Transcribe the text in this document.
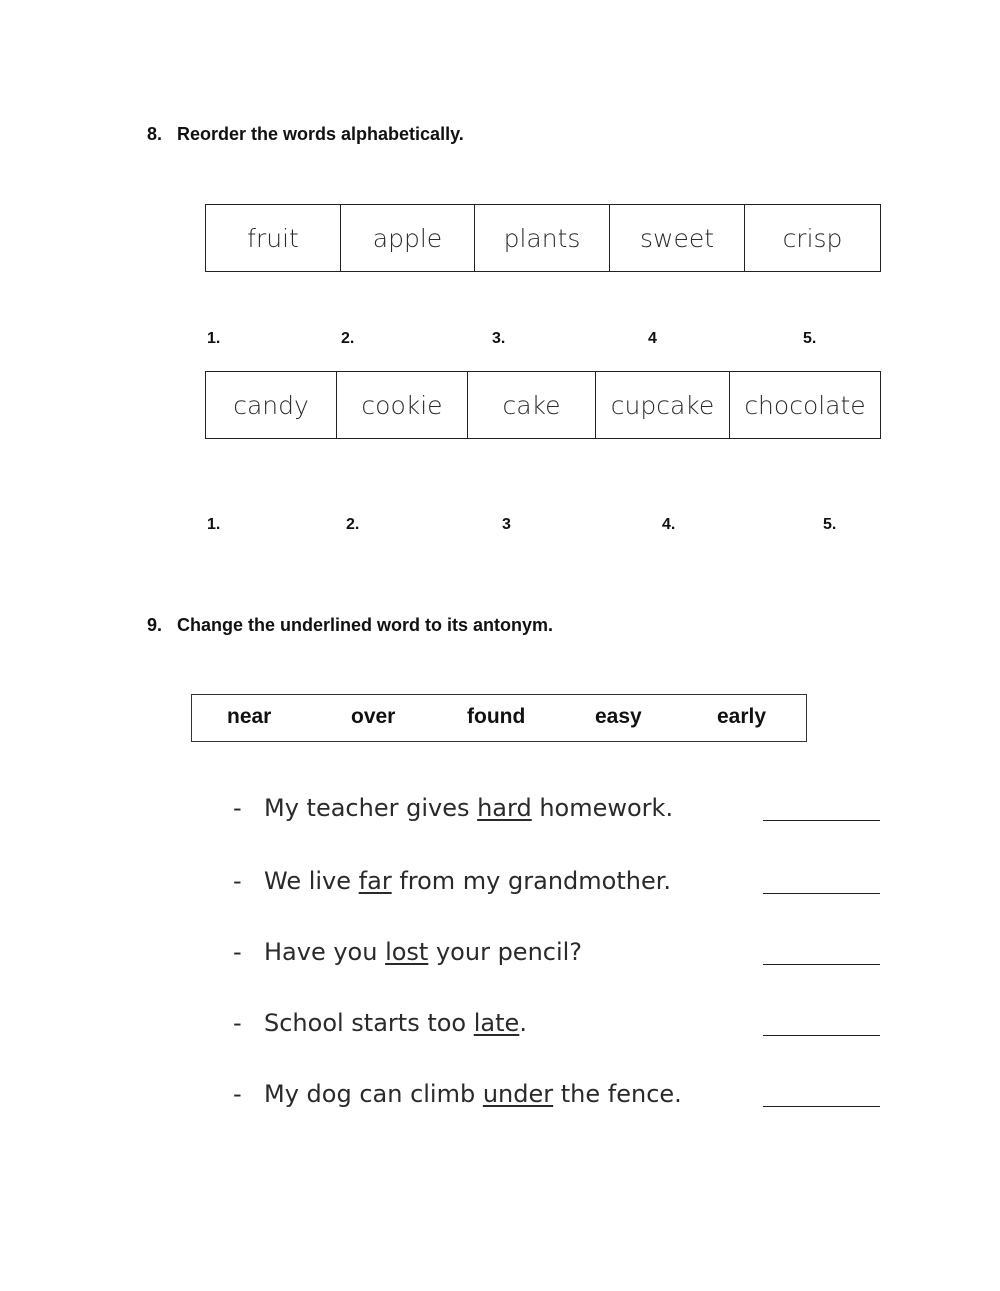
8. Reorder the words alphabetically.
fruit	apple	plants	sweet	crisp
1.	2.	3.	4	5.
candy	cookie	cake	cupcake	chocolate
1.	2.	3	4.	5.
9. Change the underlined word to its antonym.
near	over	found	easy	early
- My teacher gives hard homework.
- We live far from my grandmother.
- Have you lost your pencil?
- School starts too late.
- My dog can climb under the fence.
